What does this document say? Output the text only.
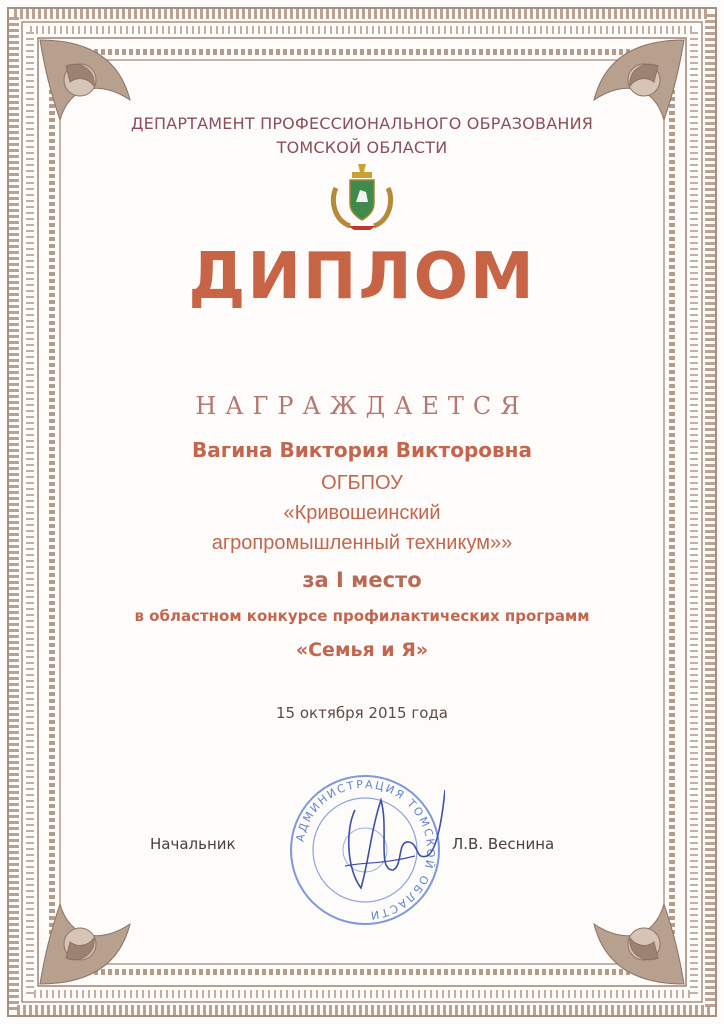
ДЕПАРТАМЕНТ ПРОФЕССИОНАЛЬНОГО ОБРАЗОВАНИЯ
ТОМСКОЙ ОБЛАСТИ
ДИПЛОМ
НАГРАЖДАЕТСЯ
Вагина Виктория Викторовна
ОГБПОУ
«Кривошеинский
агропромышленный техникум»»
за I место
в областном конкурсе профилактических программ
«Семья и Я»
15 октября 2015 года
Начальник	Л.В. Веснина
АДМИНИСТРАЦИЯ ТОМСКОЙ ОБЛАСТИ
